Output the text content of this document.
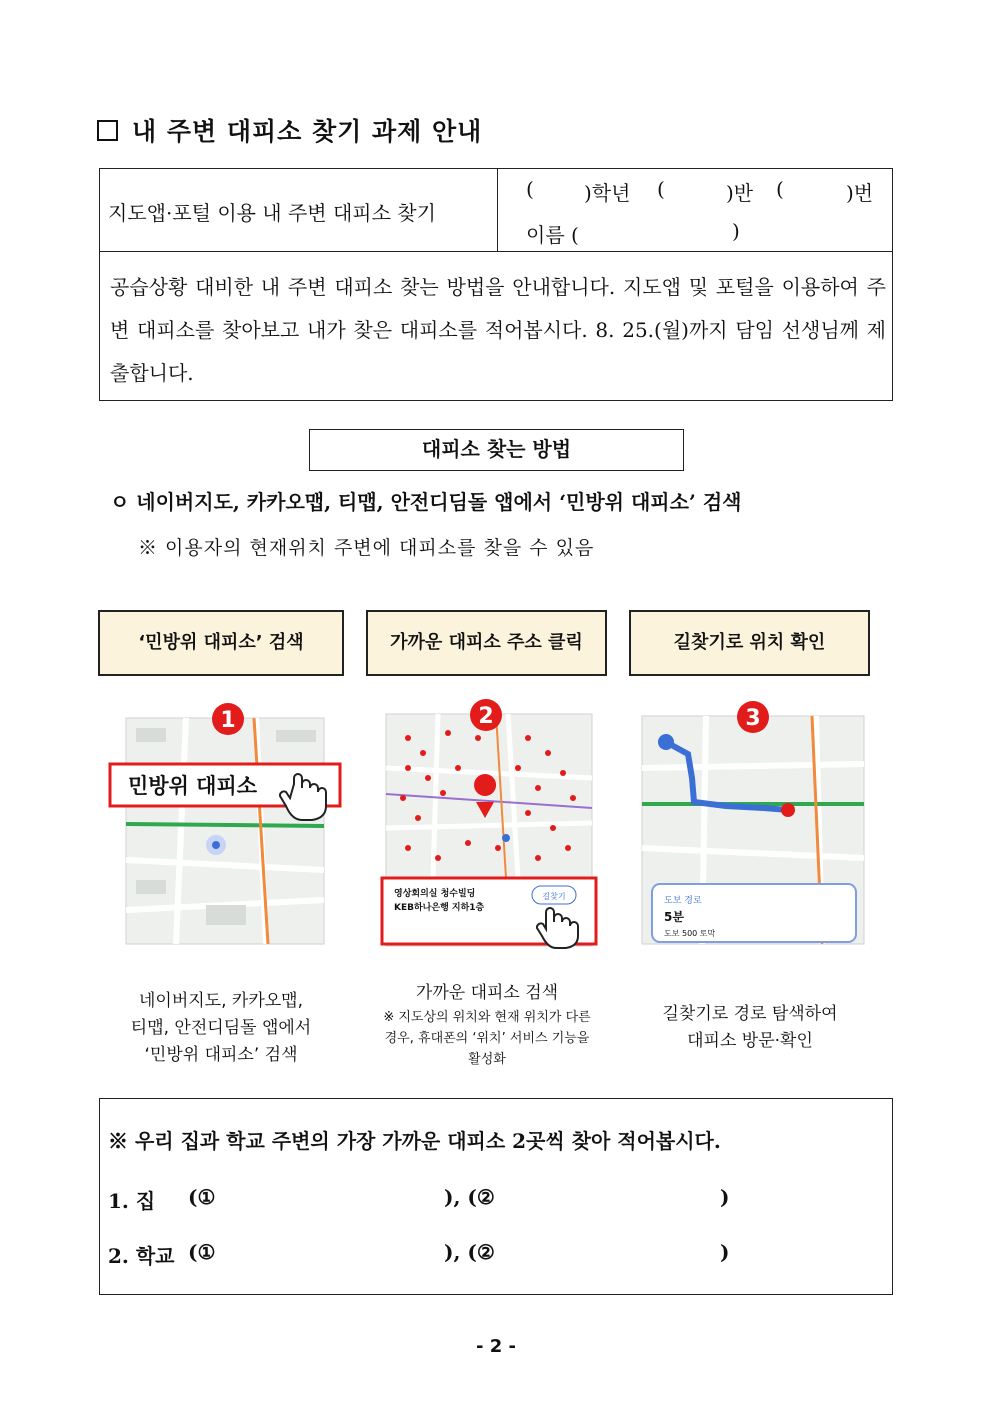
내 주변 대피소 찾기 과제 안내
지도앱·포털 이용 내 주변 대피소 찾기
(	)학년 (	)반 (	)번
이름 (	)
공습상황 대비한 내 주변 대피소 찾는 방법을 안내합니다. 지도앱 및 포털을 이용하여 주변 대피소를 찾아보고 내가 찾은 대피소를 적어봅시다. 8. 25.(월)까지 담임 선생님께 제출합니다.
대피소 찾는 방법
ㅇ 네이버지도, 카카오맵, 티맵, 안전디딤돌 앱에서 ‘민방위 대피소’ 검색
※ 이용자의 현재위치 주변에 대피소를 찾을 수 있음
‘민방위 대피소’ 검색	가까운 대피소 주소 클릭	길찾기로 위치 확인
민방위 대피소
1
영상회의실 청수빌딩
KEB하나은행 지하1층
길찾기
2
도보 경로
5분
도보 500 토막
3
네이버지도, 카카오맵,
티맵, 안전디딤돌 앱에서
‘민방위 대피소’ 검색
가까운 대피소 검색
※ 지도상의 위치와 현재 위치가 다른
경우, 휴대폰의 ‘위치’ 서비스 기능을
활성화
길찾기로 경로 탐색하여
대피소 방문·확인
※ 우리 집과 학교 주변의 가장 가까운 대피소 2곳씩 찾아 적어봅시다.
1. 집 (①	), (②	)
2. 학교 (①	), (②	)
- 2 -
